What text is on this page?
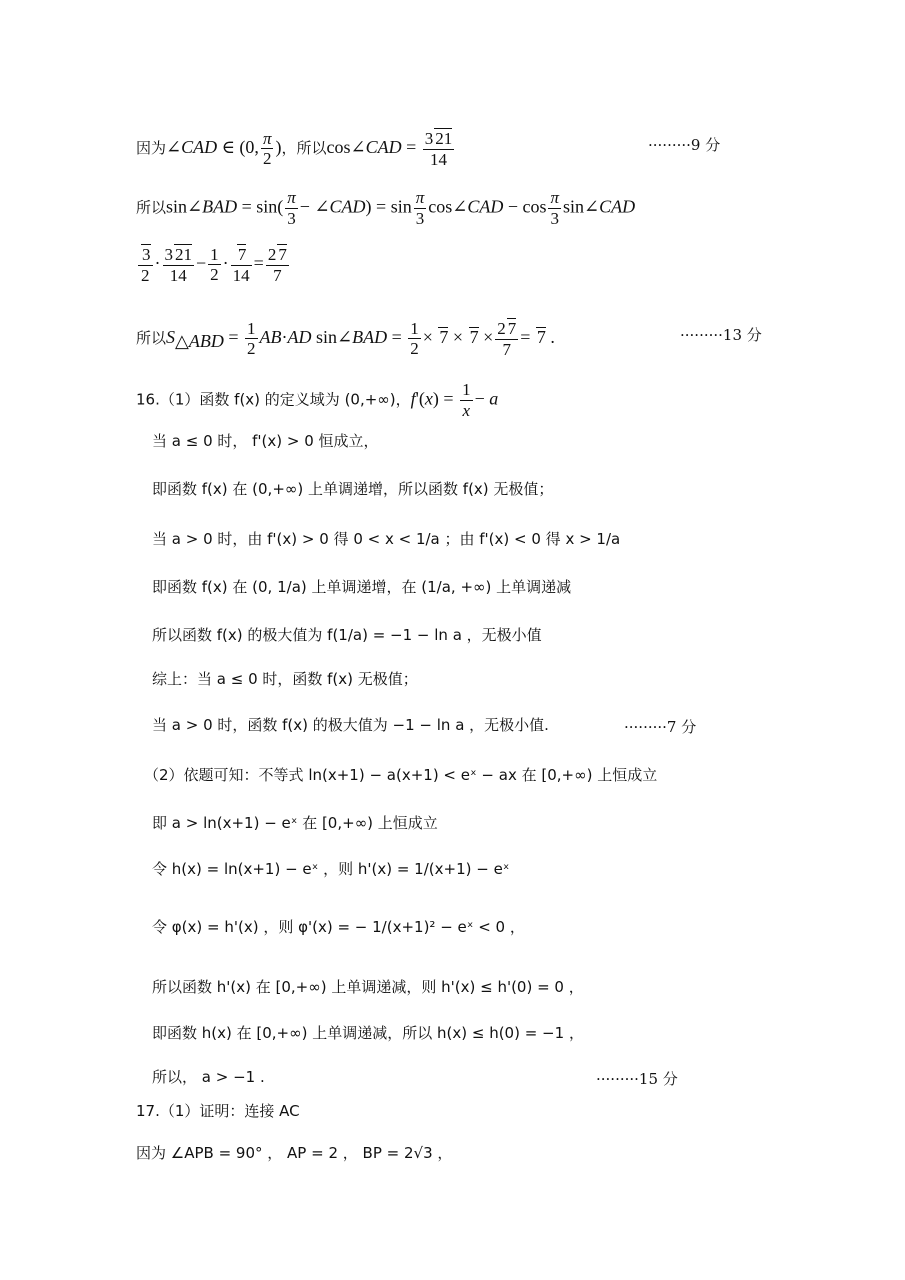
因为∠CAD ∈ (0, $\frac{\pi}{2}$ )，所以cos∠CAD = $\frac{3 21}{14}$	·········9 分
所以sin∠BAD = $\sin( \frac{\pi}{3}$ − ∠CAD) = $\sin \frac{\pi}{3}$ cos∠CAD − $\cos \frac{\pi}{3}$ sin∠CAD
$\frac{3}{2} \cdot \frac{3 21}{14} - \frac{1}{2} \cdot \frac{7}{14} = \frac{2 7}{7}$
所以$S_{\triangle ABD} = \frac{1}{2} AB\cdot AD$ sin∠BAD = $\frac{1}{2} \times 7 \times 7 \times \frac{2 7}{7} = 7$ .	·········13 分
16.（1）函数 f(x) 的定义域为 (0,+∞)，$f'(x) = \frac{1}{x} - a$
当 a ≤ 0 时， f'(x) > 0 恒成立，
即函数 f(x) 在 (0,+∞) 上单调递增，所以函数 f(x) 无极值；
当 a > 0 时，由 f'(x) > 0 得 0 < x < 1/a ；由 f'(x) < 0 得 x > 1/a
即函数 f(x) 在 (0, 1/a) 上单调递增，在 (1/a, +∞) 上单调递减
所以函数 f(x) 的极大值为 f(1/a) = −1 − ln a ，无极小值
综上：当 a ≤ 0 时，函数 f(x) 无极值；
当 a > 0 时，函数 f(x) 的极大值为 −1 − ln a ，无极小值.	·········7 分
（2）依题可知：不等式 ln(x+1) − a(x+1) < eˣ − ax 在 [0,+∞) 上恒成立
即 a > ln(x+1) − eˣ 在 [0,+∞) 上恒成立
令 h(x) = ln(x+1) − eˣ ，则 h'(x) = 1/(x+1) − eˣ
令 φ(x) = h'(x) ，则 φ'(x) = − 1/(x+1)² − eˣ < 0 ，
所以函数 h'(x) 在 [0,+∞) 上单调递减，则 h'(x) ≤ h'(0) = 0 ，
即函数 h(x) 在 [0,+∞) 上单调递减，所以 h(x) ≤ h(0) = −1 ，
所以， a > −1 .	·········15 分
17.（1）证明：连接 AC
因为 ∠APB = 90° ， AP = 2 ， BP = 2√3 ，
